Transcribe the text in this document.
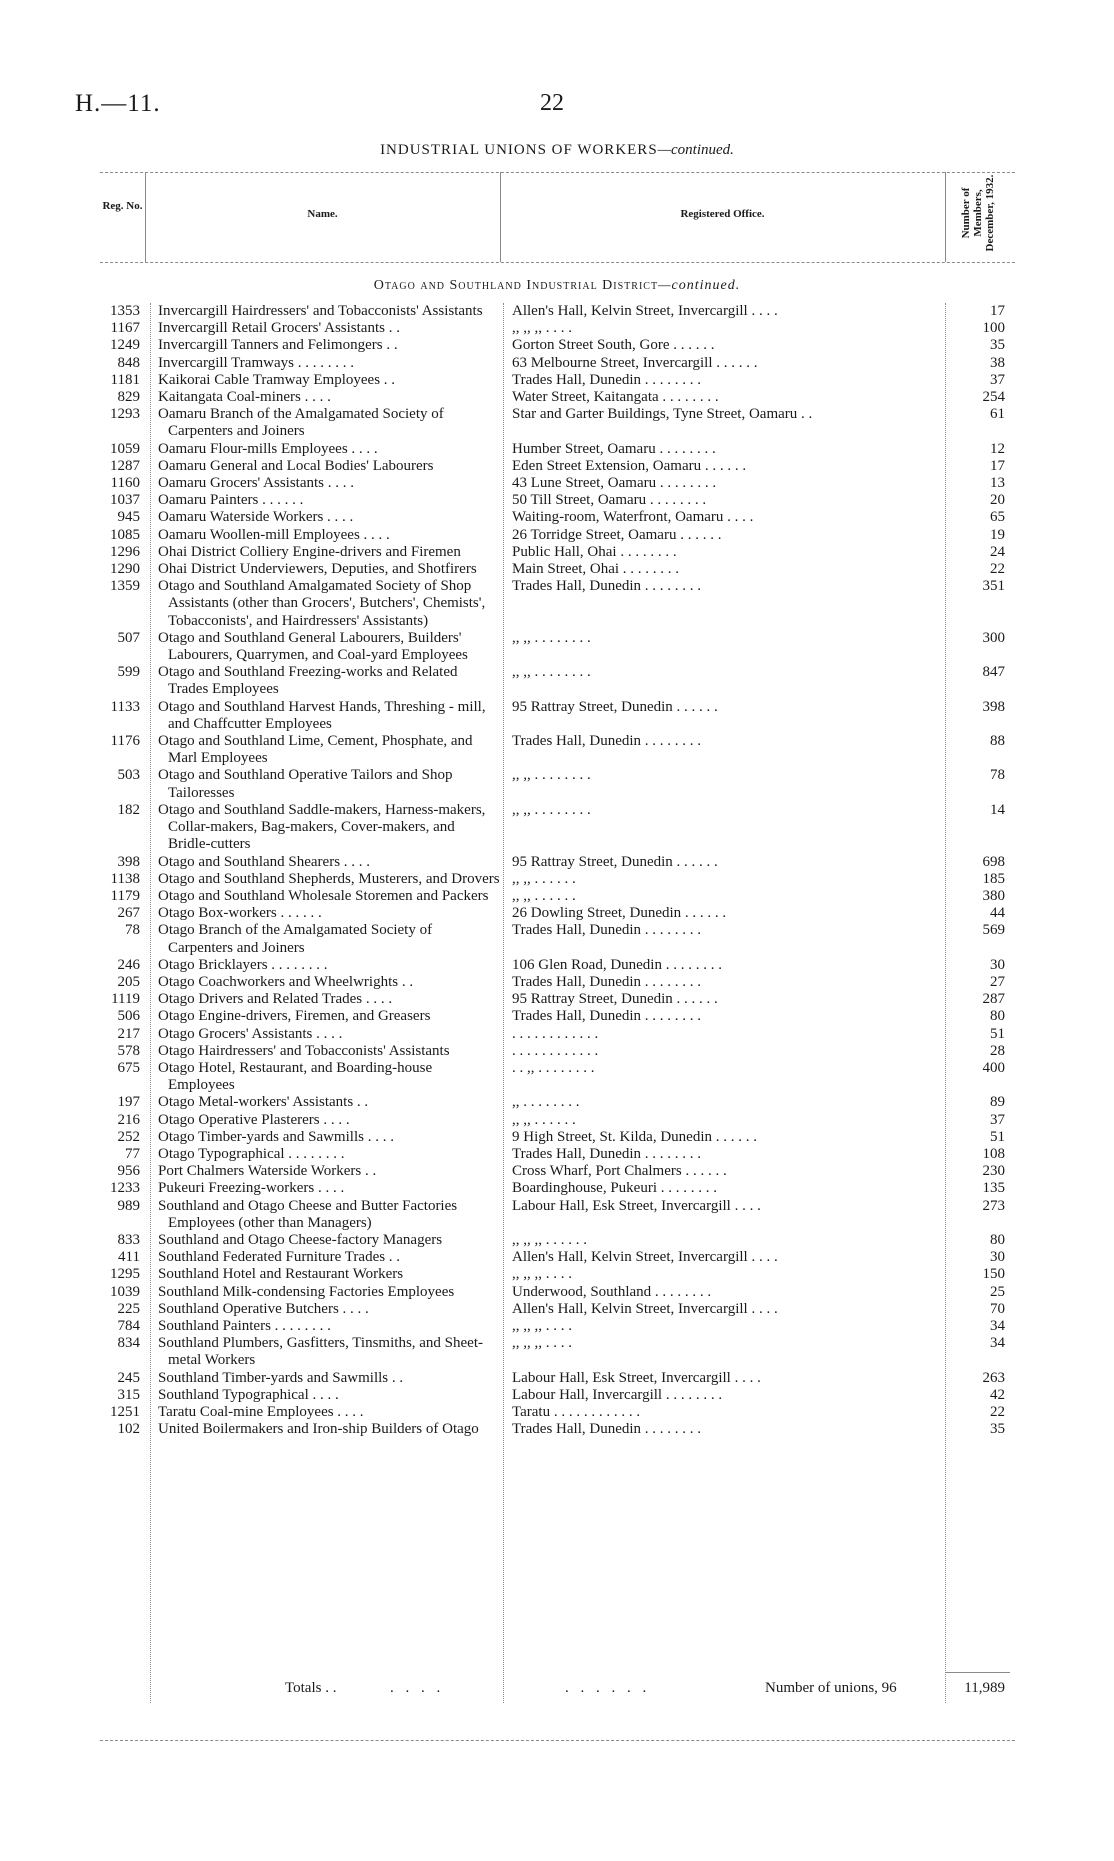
H.—11.	22
INDUSTRIAL UNIONS OF WORKERS—continued.
Reg. No.
Name.	Registered Office.	Number of Members, December, 1932.
Otago and Southland Industrial District—continued.
1353 Invercargill Hairdressers' and Tobacconists' Assistants	Allen's Hall, Kelvin Street, Invercargill . . . .	17
1167 Invercargill Retail Grocers' Assistants . .	,, ,, ,, . . . .	100
1249 Invercargill Tanners and Felimongers . .	Gorton Street South, Gore . . . . . .	35
848 Invercargill Tramways . . . . . . . .	63 Melbourne Street, Invercargill . . . . . .	38
1181 Kaikorai Cable Tramway Employees . .	Trades Hall, Dunedin . . . . . . . .	37
829 Kaitangata Coal-miners . . . .	Water Street, Kaitangata . . . . . . . .	254
1293 Oamaru Branch of the Amalgamated Society of Carpenters and Joiners
Star and Garter Buildings, Tyne Street, Oamaru . .	61
1059 Oamaru Flour-mills Employees . . . .	Humber Street, Oamaru . . . . . . . .	12
1287 Oamaru General and Local Bodies' Labourers	Eden Street Extension, Oamaru . . . . . .	17
1160 Oamaru Grocers' Assistants . . . .	43 Lune Street, Oamaru . . . . . . . .	13
1037 Oamaru Painters . . . . . .	50 Till Street, Oamaru . . . . . . . .	20
945 Oamaru Waterside Workers . . . .	Waiting-room, Waterfront, Oamaru . . . .	65
1085 Oamaru Woollen-mill Employees . . . .	26 Torridge Street, Oamaru . . . . . .	19
1296 Ohai District Colliery Engine-drivers and Firemen	Public Hall, Ohai . . . . . . . .	24
1290 Ohai District Underviewers, Deputies, and Shotfirers	Main Street, Ohai . . . . . . . .	22
1359 Otago and Southland Amalgamated Society of Shop Assistants (other than Grocers', Butchers', Chemists', Tobacconists', and Hairdressers' Assistants)
Trades Hall, Dunedin . . . . . . . .	351
507 Otago and Southland General Labourers, Builders' Labourers, Quarrymen, and Coal-yard Employees
,, ,, . . . . . . . .	300
599 Otago and Southland Freezing-works and Related Trades Employees
,, ,, . . . . . . . .	847
1133 Otago and Southland Harvest Hands, Threshing - mill, and Chaffcutter Employees
95 Rattray Street, Dunedin . . . . . .	398
1176 Otago and Southland Lime, Cement, Phosphate, and Marl Employees
Trades Hall, Dunedin . . . . . . . .	88
503 Otago and Southland Operative Tailors and Shop Tailoresses
,, ,, . . . . . . . .	78
182 Otago and Southland Saddle-makers, Harness-makers, Collar-makers, Bag-makers, Cover-makers, and Bridle-cutters
,, ,, . . . . . . . .	14
398 Otago and Southland Shearers . . . .	95 Rattray Street, Dunedin . . . . . .	698
1138 Otago and Southland Shepherds, Musterers, and Drovers ,, ,, . . . . . .	185
1179 Otago and Southland Wholesale Storemen and Packers	,, ,, . . . . . .	380
267 Otago Box-workers . . . . . .	26 Dowling Street, Dunedin . . . . . .	44
78 Otago Branch of the Amalgamated Society of Carpenters and Joiners
Trades Hall, Dunedin . . . . . . . .	569
246 Otago Bricklayers . . . . . . . .	106 Glen Road, Dunedin . . . . . . . .	30
205 Otago Coachworkers and Wheelwrights . .	Trades Hall, Dunedin . . . . . . . .	27
1119 Otago Drivers and Related Trades . . . .	95 Rattray Street, Dunedin . . . . . .	287
506 Otago Engine-drivers, Firemen, and Greasers	Trades Hall, Dunedin . . . . . . . .	80
217 Otago Grocers' Assistants . . . .	. . . . . . . . . . . .	51
578 Otago Hairdressers' and Tobacconists' Assistants	. . . . . . . . . . . .	28
675 Otago Hotel, Restaurant, and Boarding-house Employees
. . ,, . . . . . . . .	400
197 Otago Metal-workers' Assistants . .	,, . . . . . . . .	89
216 Otago Operative Plasterers . . . .	,, ,, . . . . . .	37
252 Otago Timber-yards and Sawmills . . . .	9 High Street, St. Kilda, Dunedin . . . . . .	51
77 Otago Typographical . . . . . . . .	Trades Hall, Dunedin . . . . . . . .	108
956 Port Chalmers Waterside Workers . .	Cross Wharf, Port Chalmers . . . . . .	230
1233 Pukeuri Freezing-workers . . . .	Boardinghouse, Pukeuri . . . . . . . .	135
989 Southland and Otago Cheese and Butter Factories Employees (other than Managers)
Labour Hall, Esk Street, Invercargill . . . .	273
833 Southland and Otago Cheese-factory Managers	,, ,, ,, . . . . . .	80
411 Southland Federated Furniture Trades . .	Allen's Hall, Kelvin Street, Invercargill . . . .	30
1295 Southland Hotel and Restaurant Workers	,, ,, ,, . . . .	150
1039 Southland Milk-condensing Factories Employees	Underwood, Southland . . . . . . . .	25
225 Southland Operative Butchers . . . .	Allen's Hall, Kelvin Street, Invercargill . . . .	70
784 Southland Painters . . . . . . . .	,, ,, ,, . . . .	34
834 Southland Plumbers, Gasfitters, Tinsmiths, and Sheet-metal Workers
,, ,, ,, . . . .	34
245 Southland Timber-yards and Sawmills . .	Labour Hall, Esk Street, Invercargill . . . .	263
315 Southland Typographical . . . .	Labour Hall, Invercargill . . . . . . . .	42
1251 Taratu Coal-mine Employees . . . .	Taratu . . . . . . . . . . . .	22
102 United Boilermakers and Iron-ship Builders of Otago	Trades Hall, Dunedin . . . . . . . .	35
Totals . .	. . . .	. . . . . .	Number of unions, 96	11,989
